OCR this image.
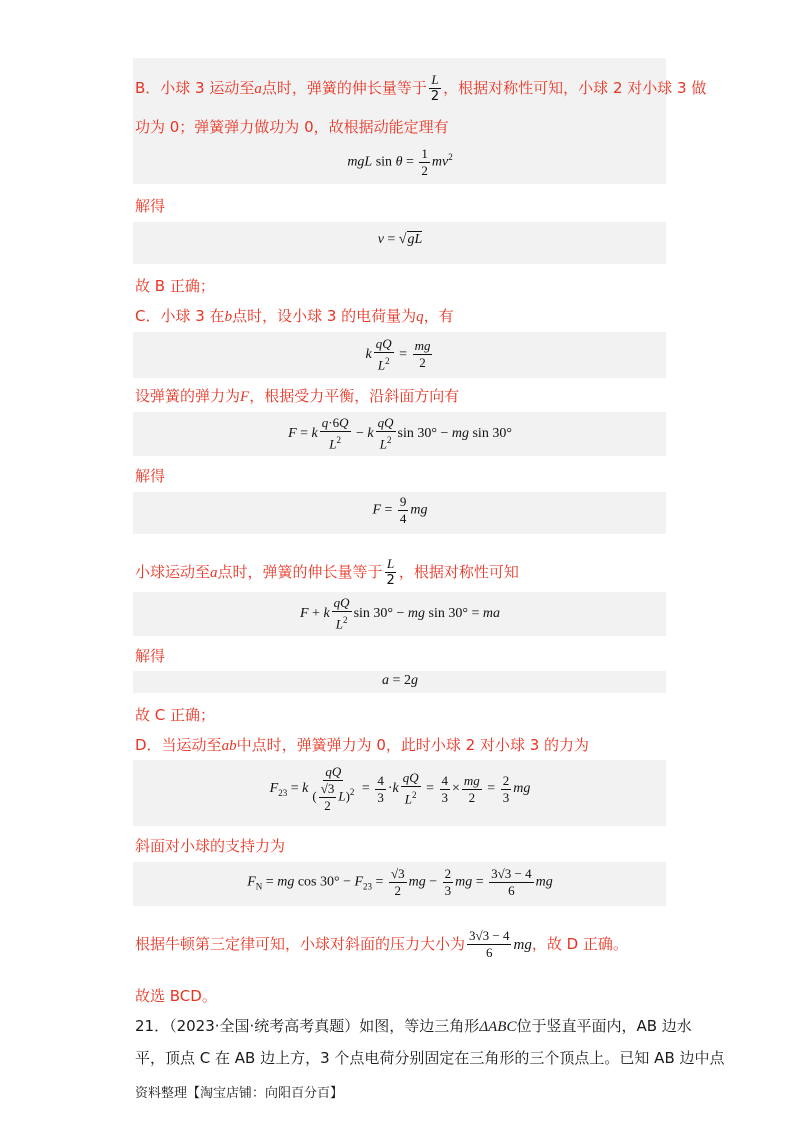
B．小球 3 运动至a点时，弹簧的伸长量等于 $\frac{L}{2}$ ，根据对称性可知，小球 2 对小球 3 做
功为 0；弹簧弹力做功为 0，故根据动能定理有
mgL $\sin \theta = \frac{1}{2} mv^2$
解得
v = √gL
故 B 正确；
C．小球 3 在b点时，设小球 3 的电荷量为q，有
k $\frac{qQ}{L^2} = \frac{mg}{2}$
设弹簧的弹力为F，根据受力平衡，沿斜面方向有
F = k $\frac{q\cdot 6Q}{L^2} - k \frac{qQ}{L^2}$ sin 30° − mg sin 30°
解得
$F = \frac{9}{4}$ mg
小球运动至a点时，弹簧的伸长量等于 $\frac{L}{2}$ ，根据对称性可知
F + k $\frac{qQ}{L^2}$ sin 30° − mg sin 30° = ma
解得
a = 2g
故 C 正确；
D．当运动至ab中点时，弹簧弹力为 0，此时小球 2 对小球 3 的力为
$F_{23} = k \frac{qQ}{( \frac{√3}{2} L)^2} = \frac{4}{3} \cdot k \frac{qQ}{L^2} = \frac{4}{3} \times \frac{mg}{2} = \frac{2}{3}$ mg
斜面对小球的支持力为
$F_N$ = mg $\cos 30^\circ - F_{23} = \frac{√3}{2}$ mg − $\frac{2}{3}$ mg = $\frac{3√3 - 4}{6}$ mg
根据牛顿第三定律可知，小球对斜面的压力大小为 $\frac{3√3 - 4}{6}$ mg，故 D 正确。
故选 BCD。
21．（2023·全国·统考高考真题）如图，等边三角形ΔABC位于竖直平面内，AB 边水
平，顶点 C 在 AB 边上方，3 个点电荷分别固定在三角形的三个顶点上。已知 AB 边中点
资料整理【淘宝店铺：向阳百分百】
